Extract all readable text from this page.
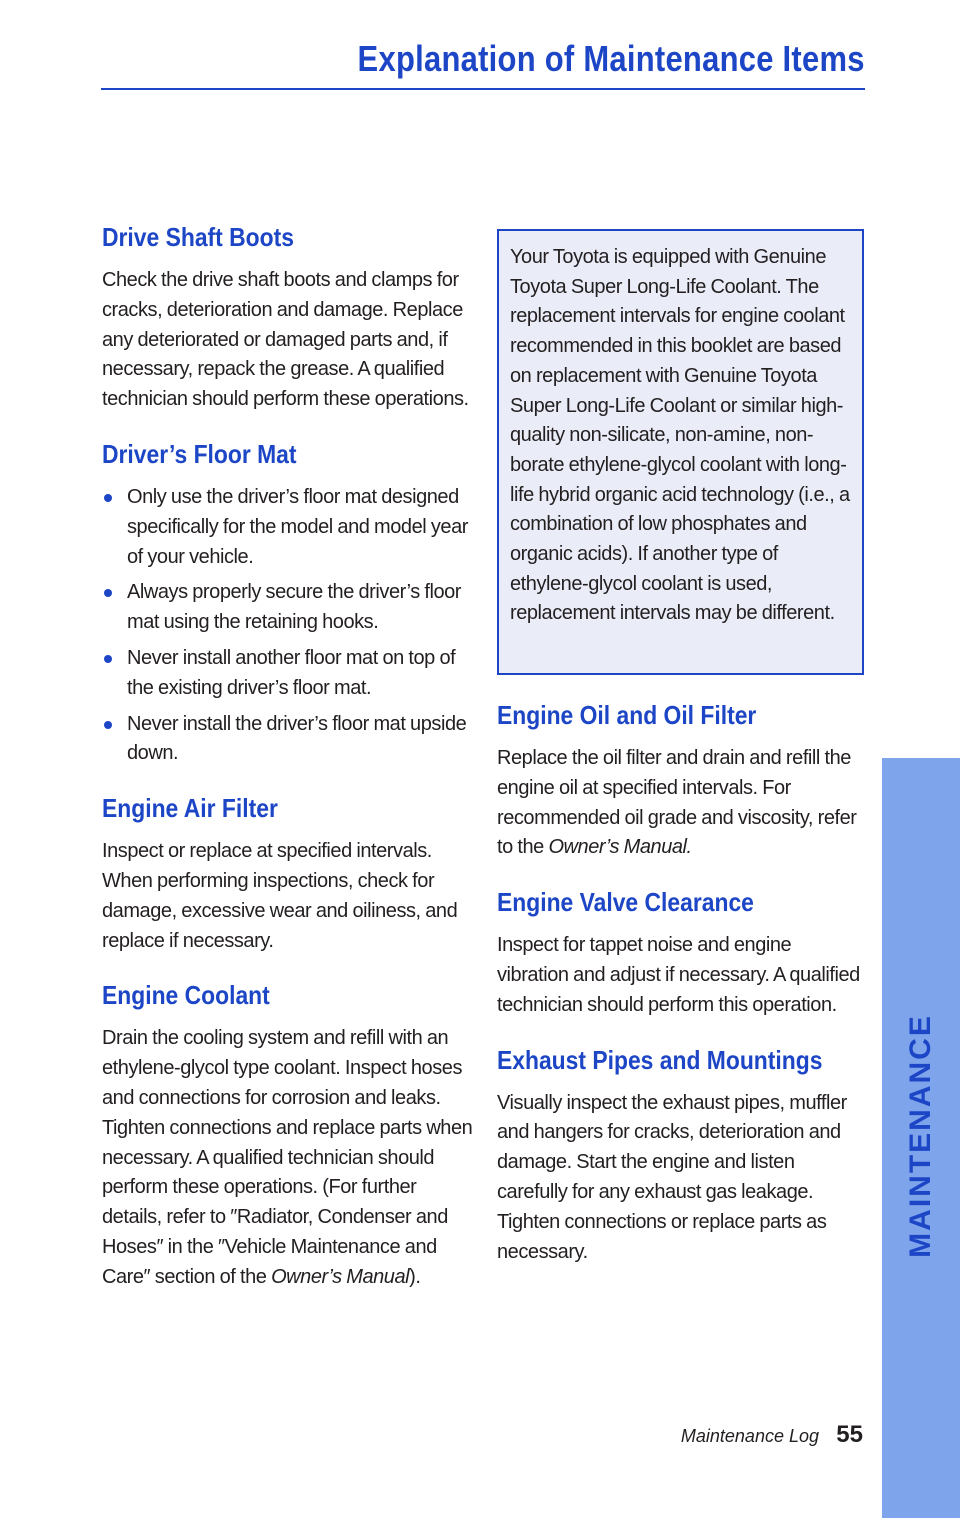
Explanation of Maintenance Items
Drive Shaft Boots

Check the drive shaft boots and clamps for cracks, deterioration and damage. Replace any deteriorated or damaged parts and, if necessary, repack the grease. A qualified technician should perform these operations.

Driver’s Floor Mat
Only use the driver’s floor mat designed specifically for the model and model year of your vehicle.
Always properly secure the driver’s floor mat using the retaining hooks.
Never install another floor mat on top of the existing driver’s floor mat.
Never install the driver’s floor mat upside down.
Engine Air Filter

Inspect or replace at specified intervals. When performing inspections, check for damage, excessive wear and oiliness, and replace if necessary.

Engine Coolant

Drain the cooling system and refill with an ethylene-glycol type coolant. Inspect hoses and connections for corrosion and leaks. Tighten connections and replace parts when necessary. A qualified technician should perform these operations. (For further details, refer to ″Radiator, Condenser and Hoses″ in the ″Vehicle Maintenance and Care″ section of the Owner’s Manual).

Your Toyota is equipped with Genuine Toyota Super Long-Life Coolant. The replacement intervals for engine coolant recommended in this booklet are based on replacement with Genuine Toyota Super Long-Life Coolant or similar high-quality non-silicate, non-amine, non-borate ethylene-glycol coolant with long-life hybrid organic acid technology (i.e., a combination of low phosphates and organic acids). If another type of ethylene-glycol coolant is used, replacement intervals may be different.
Engine Oil and Oil Filter

Replace the oil filter and drain and refill the engine oil at specified intervals. For recommended oil grade and viscosity, refer to the Owner’s Manual.

Engine Valve Clearance

Inspect for tappet noise and engine vibration and adjust if necessary. A qualified technician should perform this operation.

Exhaust Pipes and Mountings

Visually inspect the exhaust pipes, muffler and hangers for cracks, deterioration and damage. Start the engine and listen carefully for any exhaust gas leakage. Tighten connections or replace parts as necessary.	MAINTENANCE
Maintenance Log 55
